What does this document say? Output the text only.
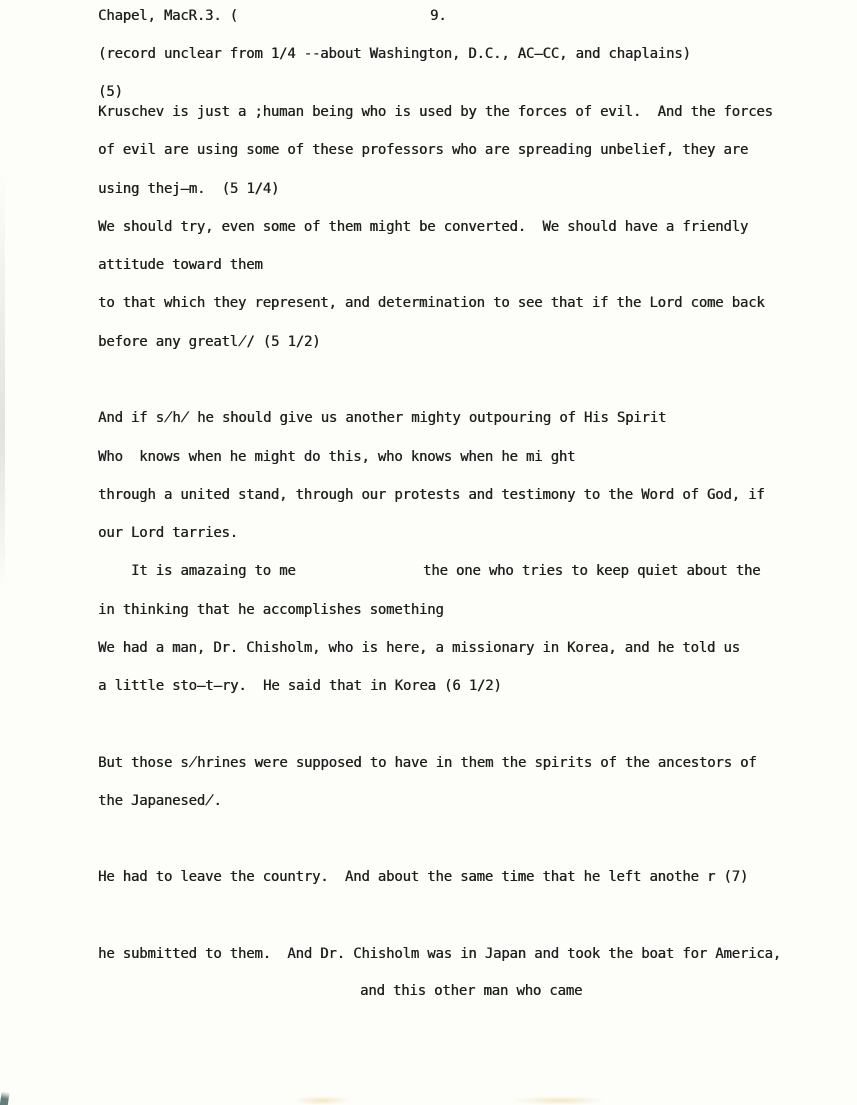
Chapel, MacR.3. (	9.
(record unclear from 1/4 --about Washington, D.C., AC̶CC, and chaplains)
(5)
Kruschev is just a ;human being who is used by the forces of evil.  And the forces
of evil are using some of these professors who are spreading unbelief, they are
using thej̶m.  (5 1/4)
We should try, even some of them might be converted.  We should have a friendly
attitude toward them
to that which they represent, and determination to see that if the Lord come back
before any greatl̸/ (5 1/2)
And if s̸h̸ he should give us another mighty outpouring of His Spirit
Who  knows when he might do this, who knows when he mi ght
through a united stand, through our protests and testimony to the Word of God, if
our Lord tarries.
It is amazaing to me	the one who tries to keep quiet about the
in thinking that he accomplishes something
We had a man, Dr. Chisholm, who is here, a missionary in Korea, and he told us
a little sto̶t̶ry.  He said that in Korea (6 1/2)
But those s̸hrines were supposed to have in them the spirits of the ancestors of
the Japanesed̸.
He had to leave the country.  And about the same time that he left anothe r (7)
he submitted to them.  And Dr. Chisholm was in Japan and took the boat for America,
and this other man who came
